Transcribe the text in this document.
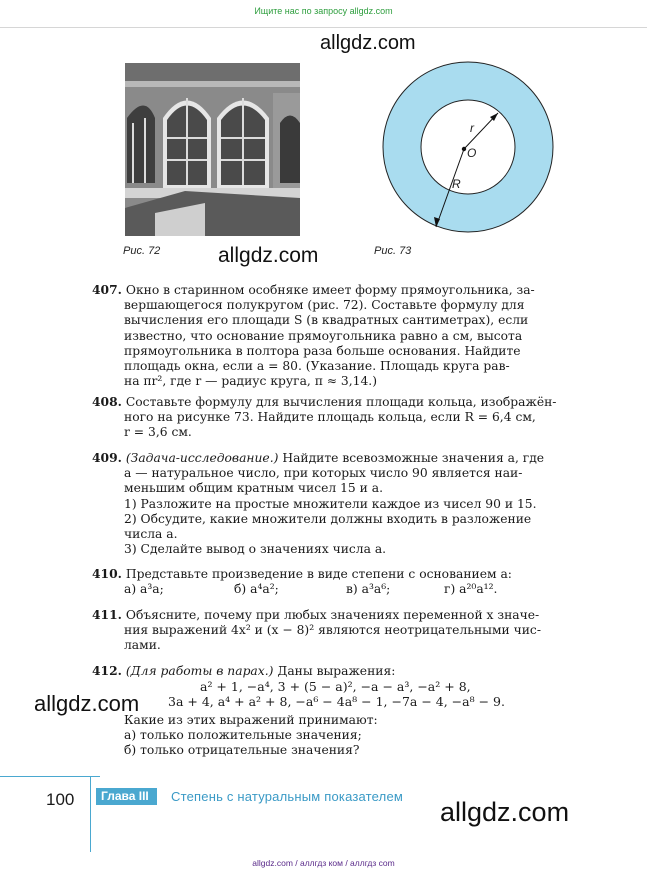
Ищите нас по запросу allgdz.com
allgdz.com
Рис. 72
r
O
R
Рис. 73
allgdz.com
407. Окно в старинном особняке имеет форму прямоугольника, за-
вершающегося полукругом (рис. 72). Составьте формулу для
вычисления его площади S (в квадратных сантиметрах), если
известно, что основание прямоугольника равно a см, высота
прямоугольника в полтора раза больше основания. Найдите
площадь окна, если a = 80. (Указание. Площадь круга рав-
на πr², где r — радиус круга, π ≈ 3,14.)
408. Составьте формулу для вычисления площади кольца, изображён-
ного на рисунке 73. Найдите площадь кольца, если R = 6,4 см,
r = 3,6 см.
409. (Задача-исследование.) Найдите всевозможные значения a, где
a — натуральное число, при которых число 90 является наи-
меньшим общим кратным чисел 15 и a.
1) Разложите на простые множители каждое из чисел 90 и 15.
2) Обсудите, какие множители должны входить в разложение
числа a.
3) Сделайте вывод о значениях числа a.
410. Представьте произведение в виде степени с основанием a:
а) a³a;	б) a⁴a²;	в) a³a⁶;	г) a²⁰a¹².
411. Объясните, почему при любых значениях переменной x значе-
ния выражений 4x² и (x − 8)² являются неотрицательными чис-
лами.
412. (Для работы в парах.) Даны выражения:
a² + 1, −a⁴, 3 + (5 − a)², −a − a³, −a² + 8,
3a + 4, a⁴ + a² + 8, −a⁶ − 4a⁸ − 1, −7a − 4, −a⁸ − 9.
Какие из этих выражений принимают:
а) только положительные значения;
б) только отрицательные значения?
allgdz.com
100	Глава III	Степень с натуральным показателем
allgdz.com
allgdz.com / аллгдз ком / аллгдз com
